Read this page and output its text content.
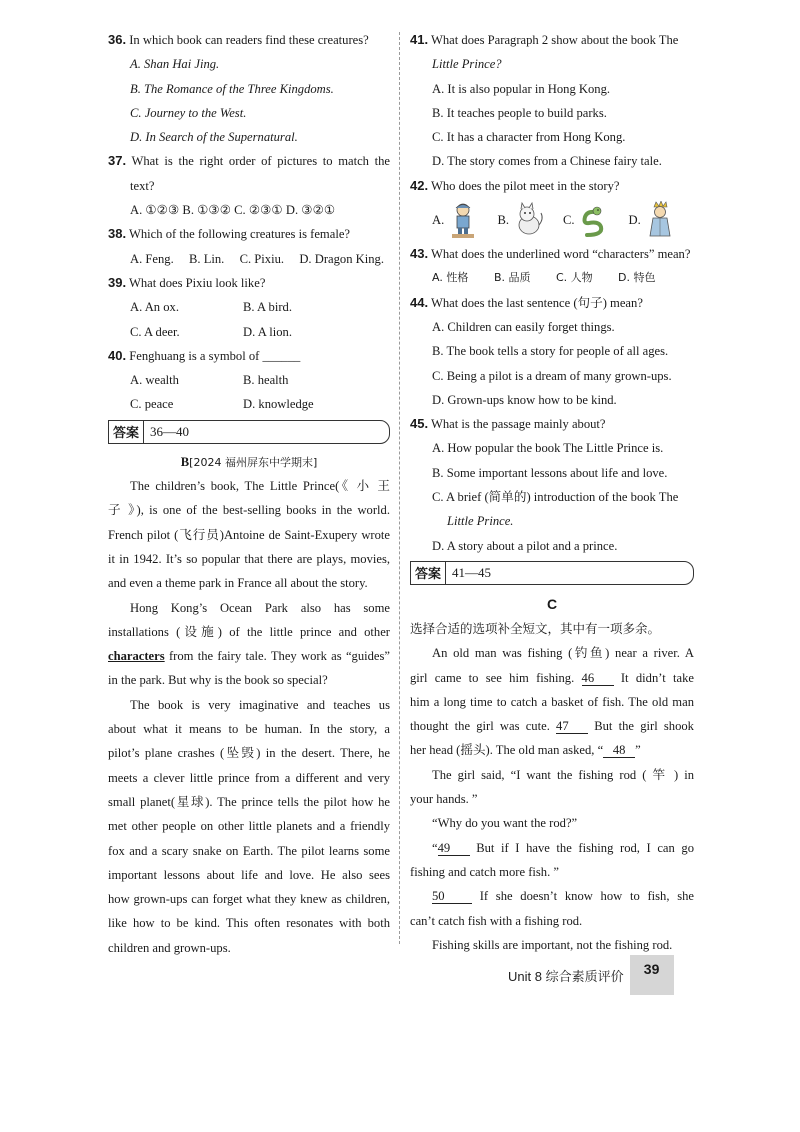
36. In which book can readers find these creatures?
A. Shan Hai Jing.
B. The Romance of the Three Kingdoms.
C. Journey to the West.
D. In Search of the Supernatural.
37. What is the right order of pictures to match the
text?
A. ①②③ B. ①③② C. ②③① D. ③②①
38. Which of the following creatures is female?
A. Feng. B. Lin. C. Pixiu. D. Dragon King.
39. What does Pixiu look like?
A. An ox.	B. A bird.
C. A deer.	D. A lion.
40. Fenghuang is a symbol of ______
A. wealth	B. health
C. peace	D. knowledge
答案 36—40
B[2024 福州屏东中学期末]
The children’s book, The Little Prince(《 小 王
子 》), is one of the best-selling books in the world.
French pilot (飞行员)Antoine de Saint-Exupery wrote
it in 1942. It’s so popular that there are plays, movies,
and even a theme park in France all about the story.
Hong Kong’s Ocean Park also has some
installations (设施) of the little prince and other
characters from the fairy tale. They work as “guides”
in the park. But why is the book so special?
The book is very imaginative and teaches us
about what it means to be human. In the story, a
pilot’s plane crashes (坠毁) in the desert. There, he
meets a clever little prince from a different and very
small planet(星球). The prince tells the pilot how he
met other people on other little planets and a friendly
fox and a scary snake on Earth. The pilot learns some
important lessons about life and love. He also sees
how grown-ups can forget what they knew as children,
like how to be kind. This often resonates with both
children and grown-ups.
41. What does Paragraph 2 show about the book The
Little Prince?
A. It is also popular in Hong Kong.
B. It teaches people to build parks.
C. It has a character from Hong Kong.
D. The story comes from a Chinese fairy tale.
42. Who does the pilot meet in the story?
A.	B.	C.	D.
43. What does the underlined word “characters” mean?
A. 性格	B. 品质	C. 人物	D. 特色
44. What does the last sentence (句子) mean?
A. Children can easily forget things.
B. The book tells a story for people of all ages.
C. Being a pilot is a dream of many grown-ups.
D. Grown-ups know how to be kind.
45. What is the passage mainly about?
A. How popular the book The Little Prince is.
B. Some important lessons about life and love.
C. A brief (简单的) introduction of the book The
Little Prince.
D. A story about a pilot and a prince.
答案 41—45
C
选择合适的选项补全短文，其中有一项多余。
An old man was fishing (钓鱼) near a river. A
girl came to see him fishing. 46 It didn’t take
him a long time to catch a basket of fish. The old man
thought the girl was cute. 47 But the girl shook
her head (摇头). The old man asked, “ 48 ”
The girl said, “I want the fishing rod ( 竿 ) in
your hands. ”
“Why do you want the rod?”
“49 But if I have the fishing rod, I can go
fishing and catch more fish. ”
50 If she doesn’t know how to fish, she
can’t catch fish with a fishing rod.
Fishing skills are important, not the fishing rod.
Unit 8 综合素质评价	39
